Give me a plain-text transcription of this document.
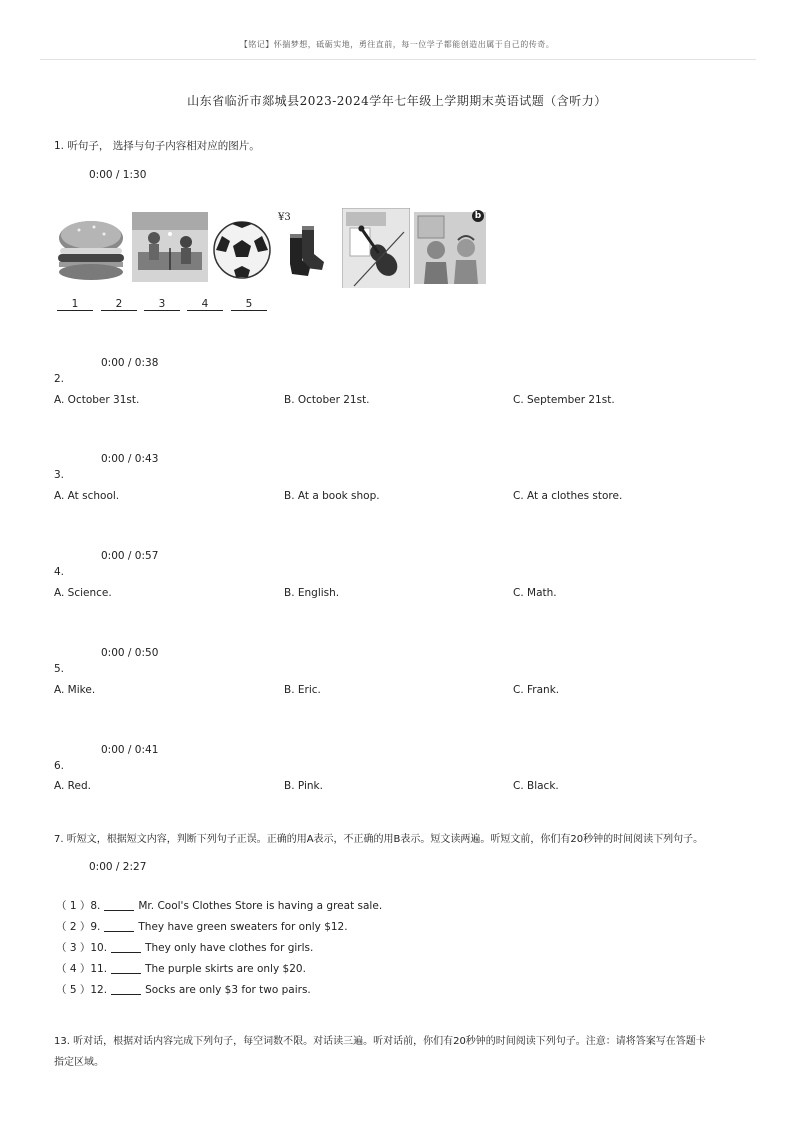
【铭记】怀揣梦想，砥砺实地，勇往直前，每一位学子都能创造出属于自己的传奇。
山东省临沂市郯城县2023-2024学年七年级上学期期末英语试题（含听力）
1. 听句子， 选择与句子内容相对应的图片。
0:00 / 1:30
¥3	b
1	2	3	4	5
0:00 / 0:38
2.
A. October 31st.	B. October 21st.	C. September 21st.
0:00 / 0:43
3.
A. At school.	B. At a book shop.	C. At a clothes store.
0:00 / 0:57
4.
A. Science.	B. English.	C. Math.
0:00 / 0:50
5.
A. Mike.	B. Eric.	C. Frank.
0:00 / 0:41
6.
A. Red.	B. Pink.	C. Black.
7. 听短文，根据短文内容，判断下列句子正误。正确的用A表示，不正确的用B表示。短文读两遍。听短文前，你们有20秒钟的时间阅读下列句子。
0:00 / 2:27
（ 1 ）8.	Mr. Cool's Clothes Store is having a great sale.
（ 2 ）9.	They have green sweaters for only $12.
（ 3 ）10.	They only have clothes for girls.
（ 4 ）11.	The purple skirts are only $20.
（ 5 ）12.	Socks are only $3 for two pairs.
13. 听对话，根据对话内容完成下列句子，每空词数不限。对话读三遍。听对话前，你们有20秒钟的时间阅读下列句子。注意：请将答案写在答题卡
指定区域。
